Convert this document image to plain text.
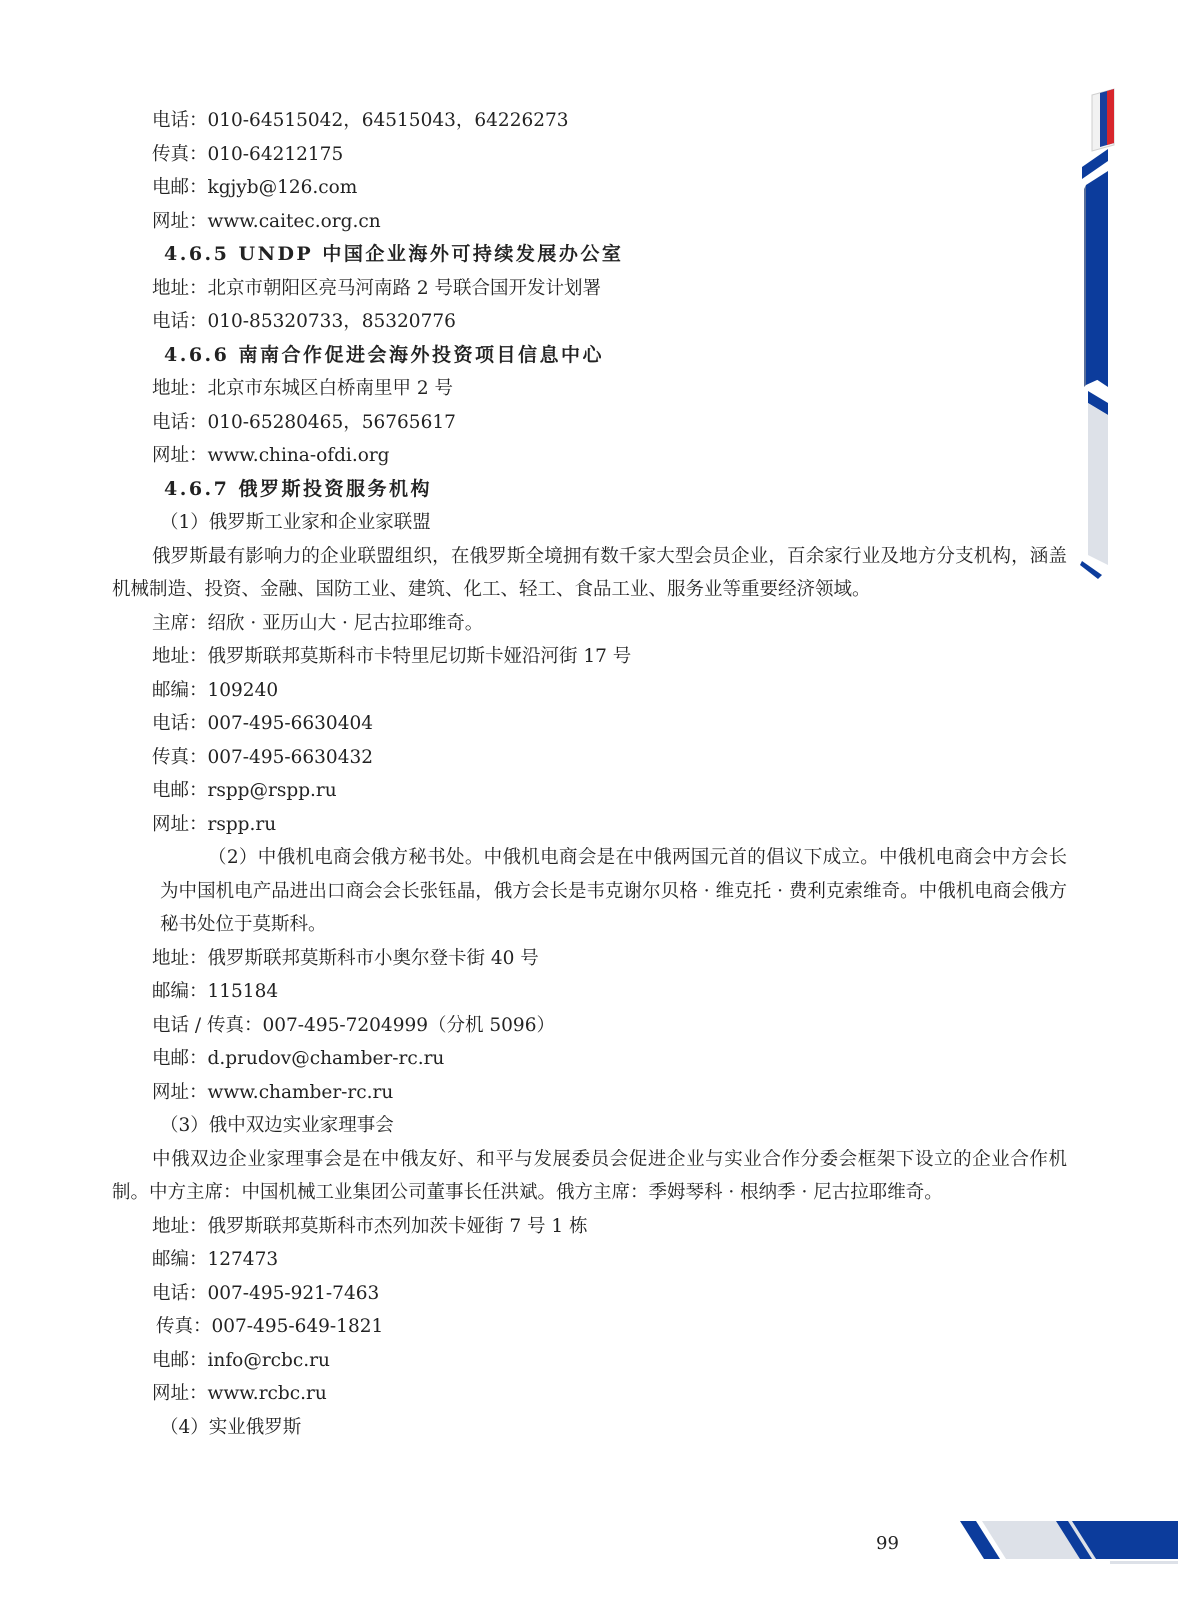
电话：010-64515042，64515043，64226273

传真：010-64212175

电邮：kgjyb@126.com

网址：www.caitec.org.cn

4.6.5 UNDP 中国企业海外可持续发展办公室

地址：北京市朝阳区亮马河南路 2 号联合国开发计划署

电话：010-85320733，85320776

4.6.6 南南合作促进会海外投资项目信息中心

地址：北京市东城区白桥南里甲 2 号

电话：010-65280465，56765617

网址：www.china-ofdi.org

4.6.7 俄罗斯投资服务机构

（1）俄罗斯工业家和企业家联盟

俄罗斯最有影响力的企业联盟组织，在俄罗斯全境拥有数千家大型会员企业，百余家行业及地方分支机构，涵盖机械制造、投资、金融、国防工业、建筑、化工、轻工、食品工业、服务业等重要经济领域。

主席：绍欣 · 亚历山大 · 尼古拉耶维奇。

地址：俄罗斯联邦莫斯科市卡特里尼切斯卡娅沿河街 17 号

邮编：109240

电话：007-495-6630404

传真：007-495-6630432

电邮：rspp@rspp.ru

网址：rspp.ru

（2）中俄机电商会俄方秘书处。中俄机电商会是在中俄两国元首的倡议下成立。中俄机电商会中方会长为中国机电产品进出口商会会长张钰晶，俄方会长是韦克谢尔贝格 · 维克托 · 费利克索维奇。中俄机电商会俄方秘书处位于莫斯科。

地址：俄罗斯联邦莫斯科市小奥尔登卡街 40 号

邮编：115184

电话 / 传真：007-495-7204999（分机 5096）

电邮：d.prudov@chamber-rc.ru

网址：www.chamber-rc.ru

（3）俄中双边实业家理事会

中俄双边企业家理事会是在中俄友好、和平与发展委员会促进企业与实业合作分委会框架下设立的企业合作机制。中方主席：中国机械工业集团公司董事长任洪斌。俄方主席：季姆琴科 · 根纳季 · 尼古拉耶维奇。

地址：俄罗斯联邦莫斯科市杰列加茨卡娅街 7 号 1 栋

邮编：127473

电话：007-495-921-7463

传真：007-495-649-1821

电邮：info@rcbc.ru

网址：www.rcbc.ru

（4）实业俄罗斯

99
